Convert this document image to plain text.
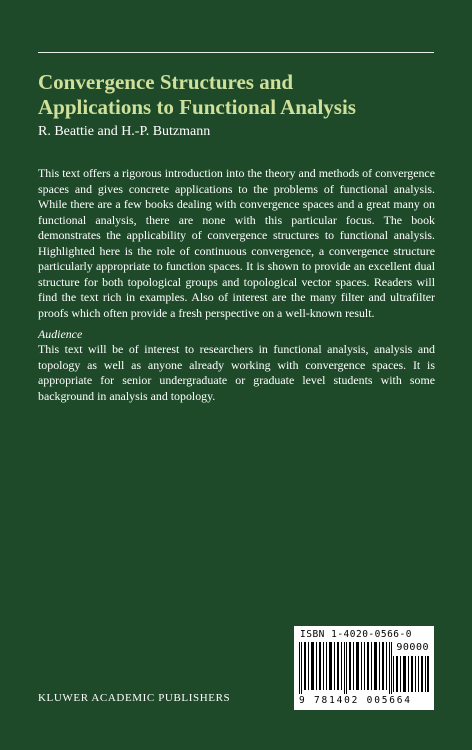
Convergence Structures and
Applications to Functional Analysis
R. Beattie and H.-P. Butzmann

This text offers a rigorous introduction into the theory and methods of convergence spaces and gives concrete applications to the problems of functional analysis. While there are a few books dealing with convergence spaces and a great many on functional analysis, there are none with this particular focus. The book demonstrates the applicability of convergence structures to functional analysis. Highlighted here is the role of continuous convergence, a convergence structure particularly appropriate to function spaces. It is shown to provide an excellent dual structure for both topological groups and topological vector spaces. Readers will find the text rich in examples. Also of interest are the many filter and ultrafilter proofs which often provide a fresh perspective on a well-known result.

Audience

This text will be of interest to researchers in functional analysis, analysis and topology as well as anyone already working with convergence spaces. It is appropriate for senior undergraduate or graduate level students with some background in analysis and topology.

ISBN 1-4020-0566-0
90000
9 781402 005664
KLUWER ACADEMIC PUBLISHERS
